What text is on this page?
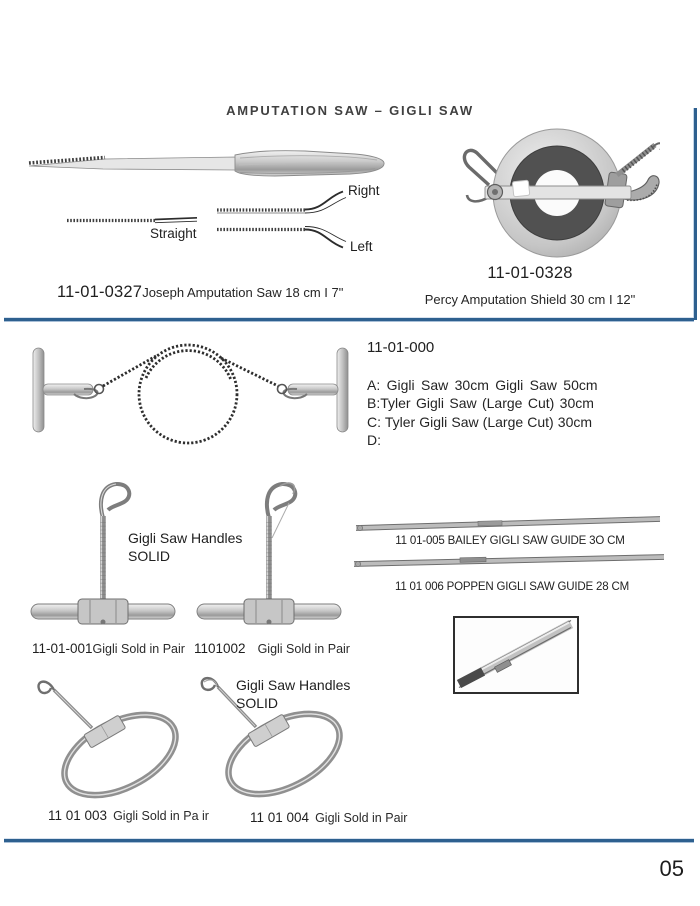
AMPUTATION SAW – GIGLI SAW
Right
Straight
Left
11-01-0327 Joseph Amputation Saw 18 cm I 7"
11-01-0328
Percy Amputation Shield 30 cm I 12"
11-01-000
A: Gigli Saw 30cm Gigli Saw 50cm
B:Tyler Gigli Saw (Large Cut) 30cm
C: Tyler Gigli Saw (Large Cut) 30cm
D:
Gigli Saw Handles
SOLID
11-01-001 Gigli Sold in Pair 1101002 Gigli Sold in Pair
11 01-005 BAILEY GIGLI SAW GUIDE 3O CM
11 01 006 POPPEN GIGLI SAW GUIDE 28 CM
Gigli Saw Handles
SOLID
11 01 003 Gigli Sold in Pa ir	11 01 004 Gigli Sold in Pair
05
